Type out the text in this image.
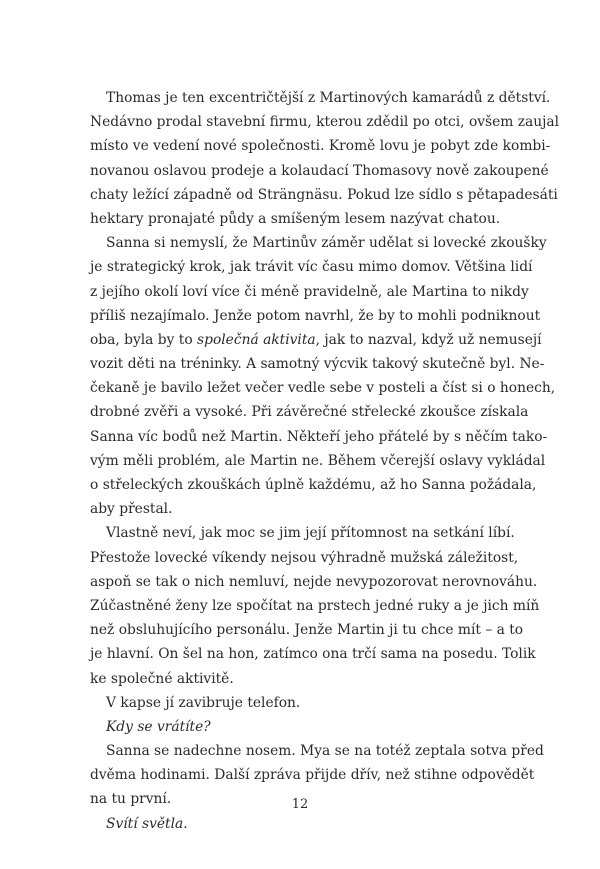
Thomas je ten excentričtější z Martinových kamarádů z dětství.
Nedávno prodal stavební firmu, kterou zdědil po otci, ovšem zaujal
místo ve vedení nové společnosti. Kromě lovu je pobyt zde kombi-
novanou oslavou prodeje a kolaudací Thomasovy nově zakoupené
chaty ležící západně od Strängnäsu. Pokud lze sídlo s pětapadesáti
hektary pronajaté půdy a smíšeným lesem nazývat chatou.
Sanna si nemyslí, že Martinův záměr udělat si lovecké zkoušky
je strategický krok, jak trávit víc času mimo domov. Většina lidí
z jejího okolí loví více či méně pravidelně, ale Martina to nikdy
příliš nezajímalo. Jenže potom navrhl, že by to mohli podniknout
oba, byla by to společná aktivita, jak to nazval, když už nemusejí
vozit děti na tréninky. A samotný výcvik takový skutečně byl. Ne-
čekaně je bavilo ležet večer vedle sebe v posteli a číst si o honech,
drobné zvěři a vysoké. Při závěrečné střelecké zkoušce získala
Sanna víc bodů než Martin. Někteří jeho přátelé by s něčím tako-
vým měli problém, ale Martin ne. Během včerejší oslavy vykládal
o střeleckých zkouškách úplně každému, až ho Sanna požádala,
aby přestal.
Vlastně neví, jak moc se jim její přítomnost na setkání líbí.
Přestože lovecké víkendy nejsou výhradně mužská záležitost,
aspoň se tak o nich nemluví, nejde nevypozorovat nerovnováhu.
Zúčastněné ženy lze spočítat na prstech jedné ruky a je jich míň
než obsluhujícího personálu. Jenže Martin ji tu chce mít – a to
je hlavní. On šel na hon, zatímco ona trčí sama na posedu. Tolik
ke společné aktivitě.
V kapse jí zavibruje telefon.
Kdy se vrátíte?
Sanna se nadechne nosem. Mya se na totéž zeptala sotva před
dvěma hodinami. Další zpráva přijde dřív, než stihne odpovědět
na tu první.
Svítí světla.
12
